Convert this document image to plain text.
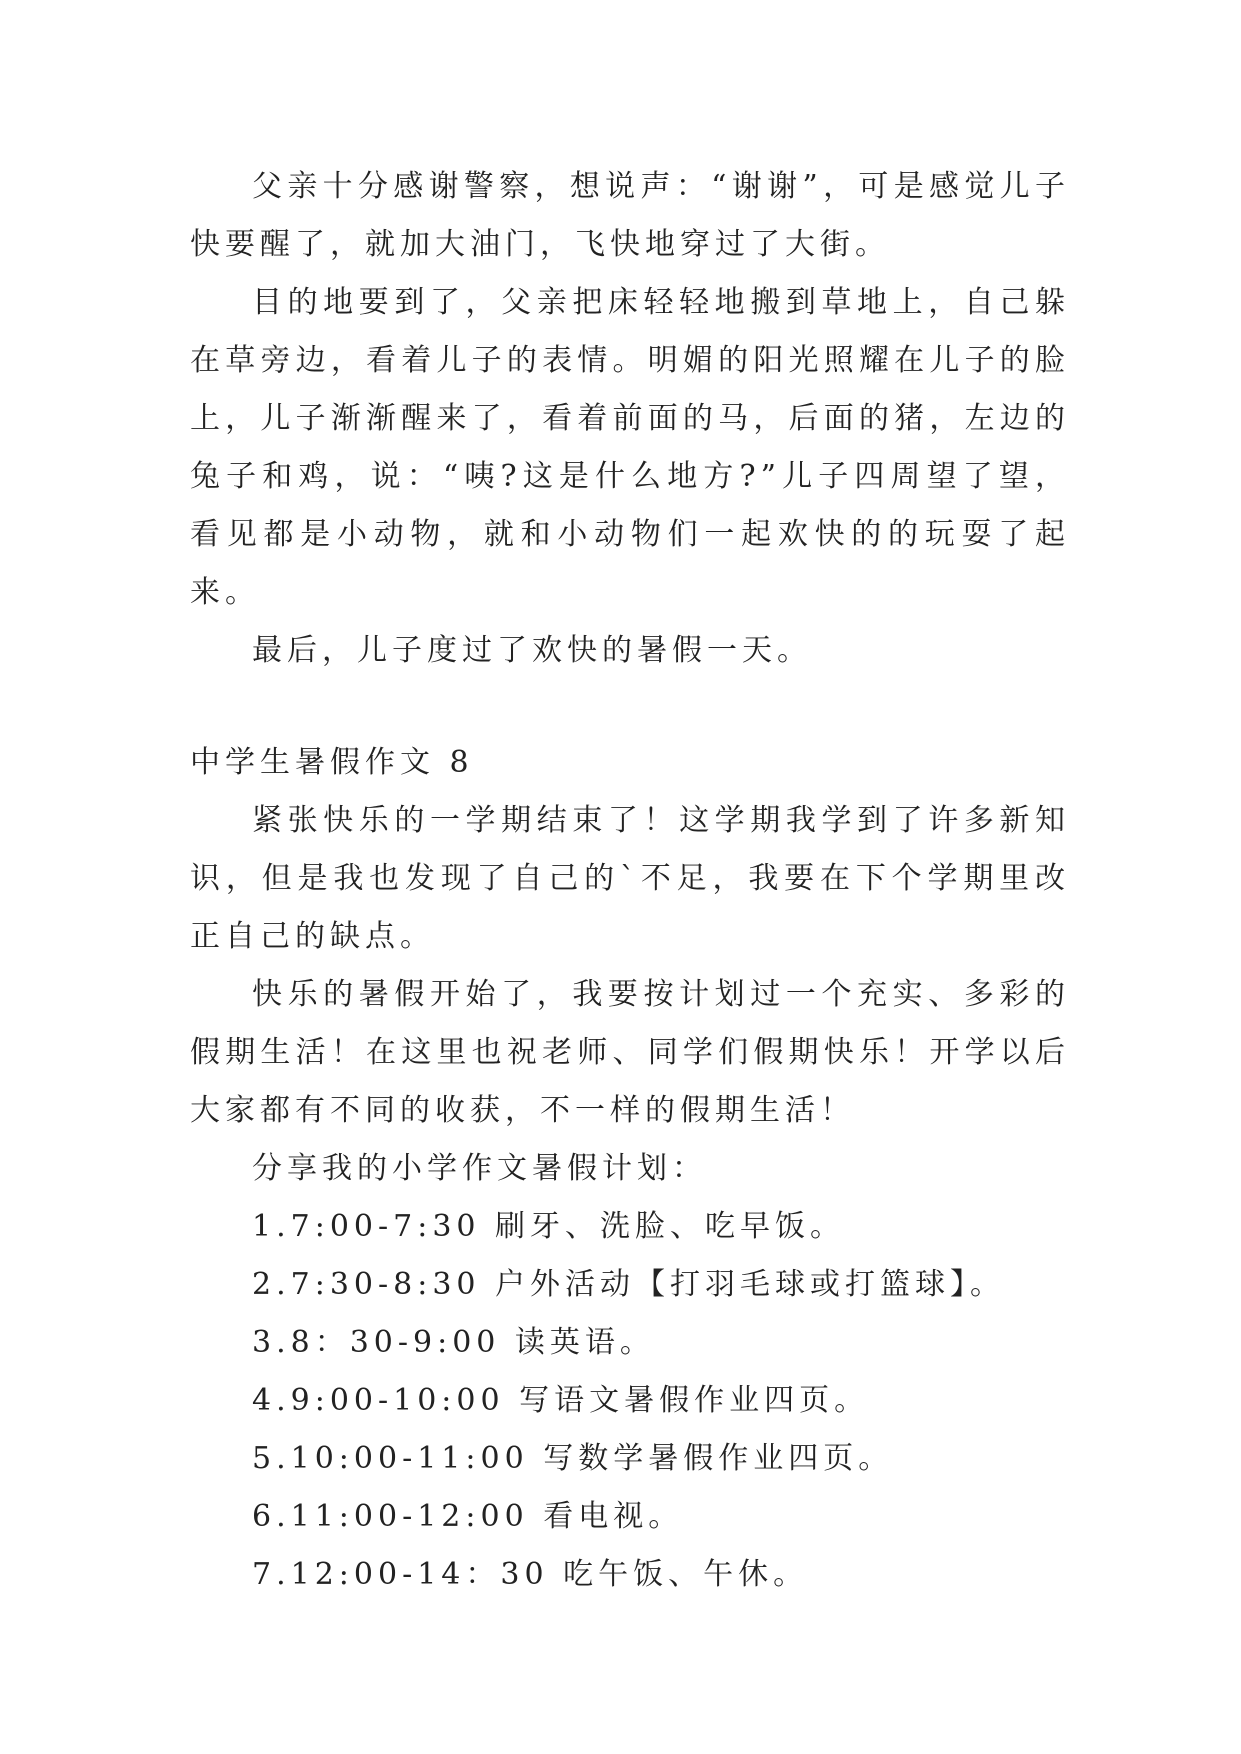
父亲十分感谢警察，想说声：“谢谢”，可是感觉儿子快要醒了，就加大油门，飞快地穿过了大街。

目的地要到了，父亲把床轻轻地搬到草地上，自己躲在草旁边，看着儿子的表情。明媚的阳光照耀在儿子的脸上，儿子渐渐醒来了，看着前面的马，后面的猪，左边的兔子和鸡，说：“咦?这是什么地方?”儿子四周望了望，看见都是小动物，就和小动物们一起欢快的的玩耍了起来。

最后，儿子度过了欢快的暑假一天。

中学生暑假作文 8

紧张快乐的一学期结束了！这学期我学到了许多新知识，但是我也发现了自己的`不足，我要在下个学期里改正自己的缺点。

快乐的暑假开始了，我要按计划过一个充实、多彩的假期生活！在这里也祝老师、同学们假期快乐！开学以后大家都有不同的收获，不一样的假期生活！

分享我的小学作文暑假计划：

1.7:00-7:30 刷牙、洗脸、吃早饭。

2.7:30-8:30 户外活动【打羽毛球或打篮球】。

3.8：30-9:00 读英语。

4.9:00-10:00 写语文暑假作业四页。

5.10:00-11:00 写数学暑假作业四页。

6.11:00-12:00 看电视。

7.12:00-14：30 吃午饭、午休。
